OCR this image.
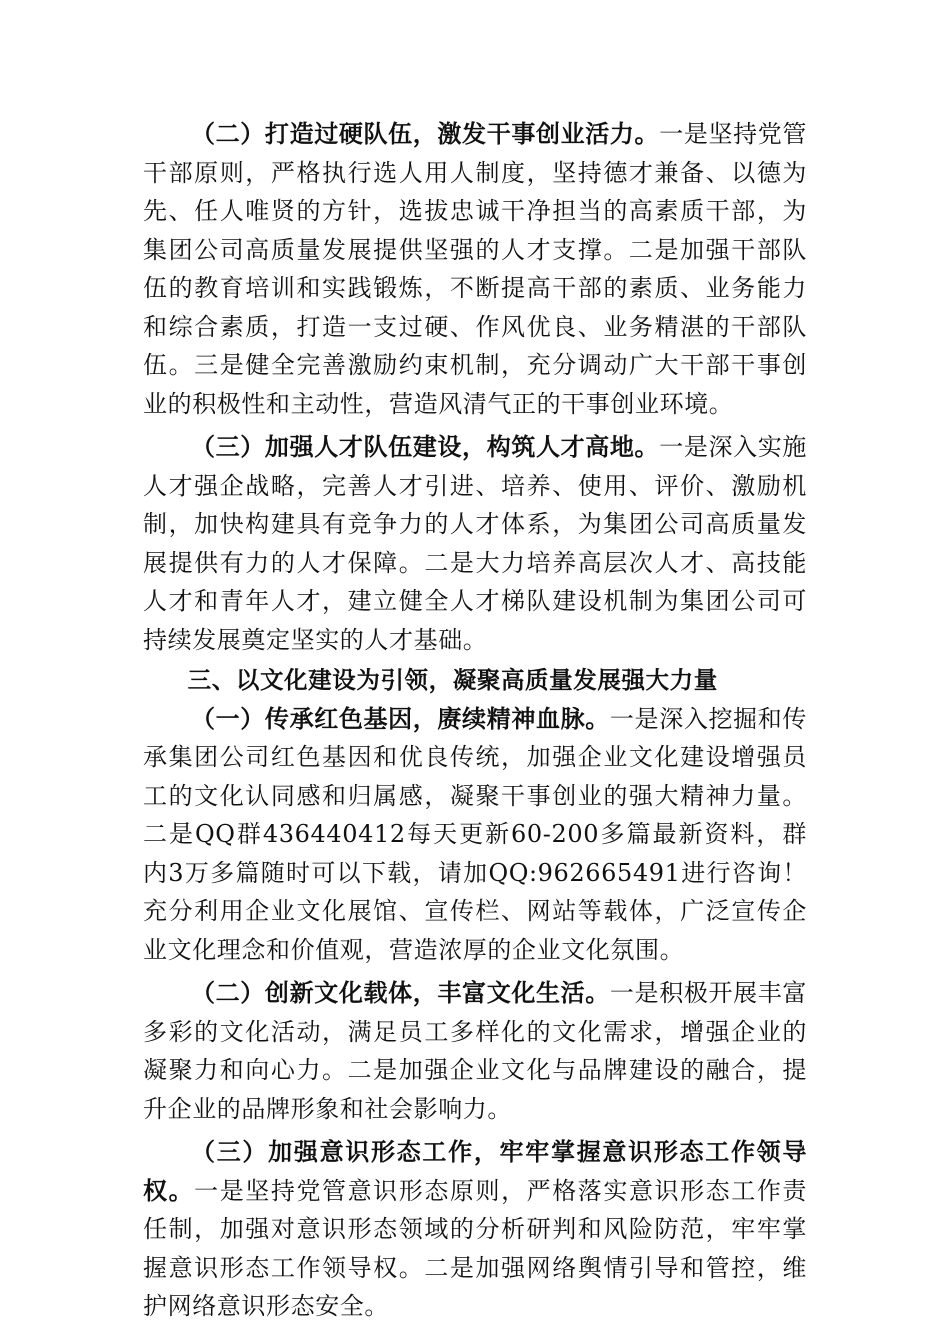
（二）打造过硬队伍，激发干事创业活力。一是坚持党管干部原则，严格执行选人用人制度，坚持德才兼备、以德为先、任人唯贤的方针，选拔忠诚干净担当的高素质干部，为集团公司高质量发展提供坚强的人才支撑。二是加强干部队伍的教育培训和实践锻炼，不断提高干部的素质、业务能力和综合素质，打造一支过硬、作风优良、业务精湛的干部队伍。三是健全完善激励约束机制，充分调动广大干部干事创业的积极性和主动性，营造风清气正的干事创业环境。

（三）加强人才队伍建设，构筑人才高地。一是深入实施人才强企战略，完善人才引进、培养、使用、评价、激励机制，加快构建具有竞争力的人才体系，为集团公司高质量发展提供有力的人才保障。二是大力培养高层次人才、高技能人才和青年人才，建立健全人才梯队建设机制为集团公司可持续发展奠定坚实的人才基础。

三、以文化建设为引领，凝聚高质量发展强大力量

（一）传承红色基因，赓续精神血脉。一是深入挖掘和传承集团公司红色基因和优良传统，加强企业文化建设增强员工的文化认同感和归属感，凝聚干事创业的强大精神力量。二是QQ群436440412每天更新60-200多篇最新资料，群内3万多篇随时可以下载，请加QQ:962665491进行咨询！充分利用企业文化展馆、宣传栏、网站等载体，广泛宣传企业文化理念和价值观，营造浓厚的企业文化氛围。

（二）创新文化载体，丰富文化生活。一是积极开展丰富多彩的文化活动，满足员工多样化的文化需求，增强企业的凝聚力和向心力。二是加强企业文化与品牌建设的融合，提升企业的品牌形象和社会影响力。

（三）加强意识形态工作，牢牢掌握意识形态工作领导权。一是坚持党管意识形态原则，严格落实意识形态工作责任制，加强对意识形态领域的分析研判和风险防范，牢牢掌握意识形态工作领导权。二是加强网络舆情引导和管控，维护网络意识形态安全。
